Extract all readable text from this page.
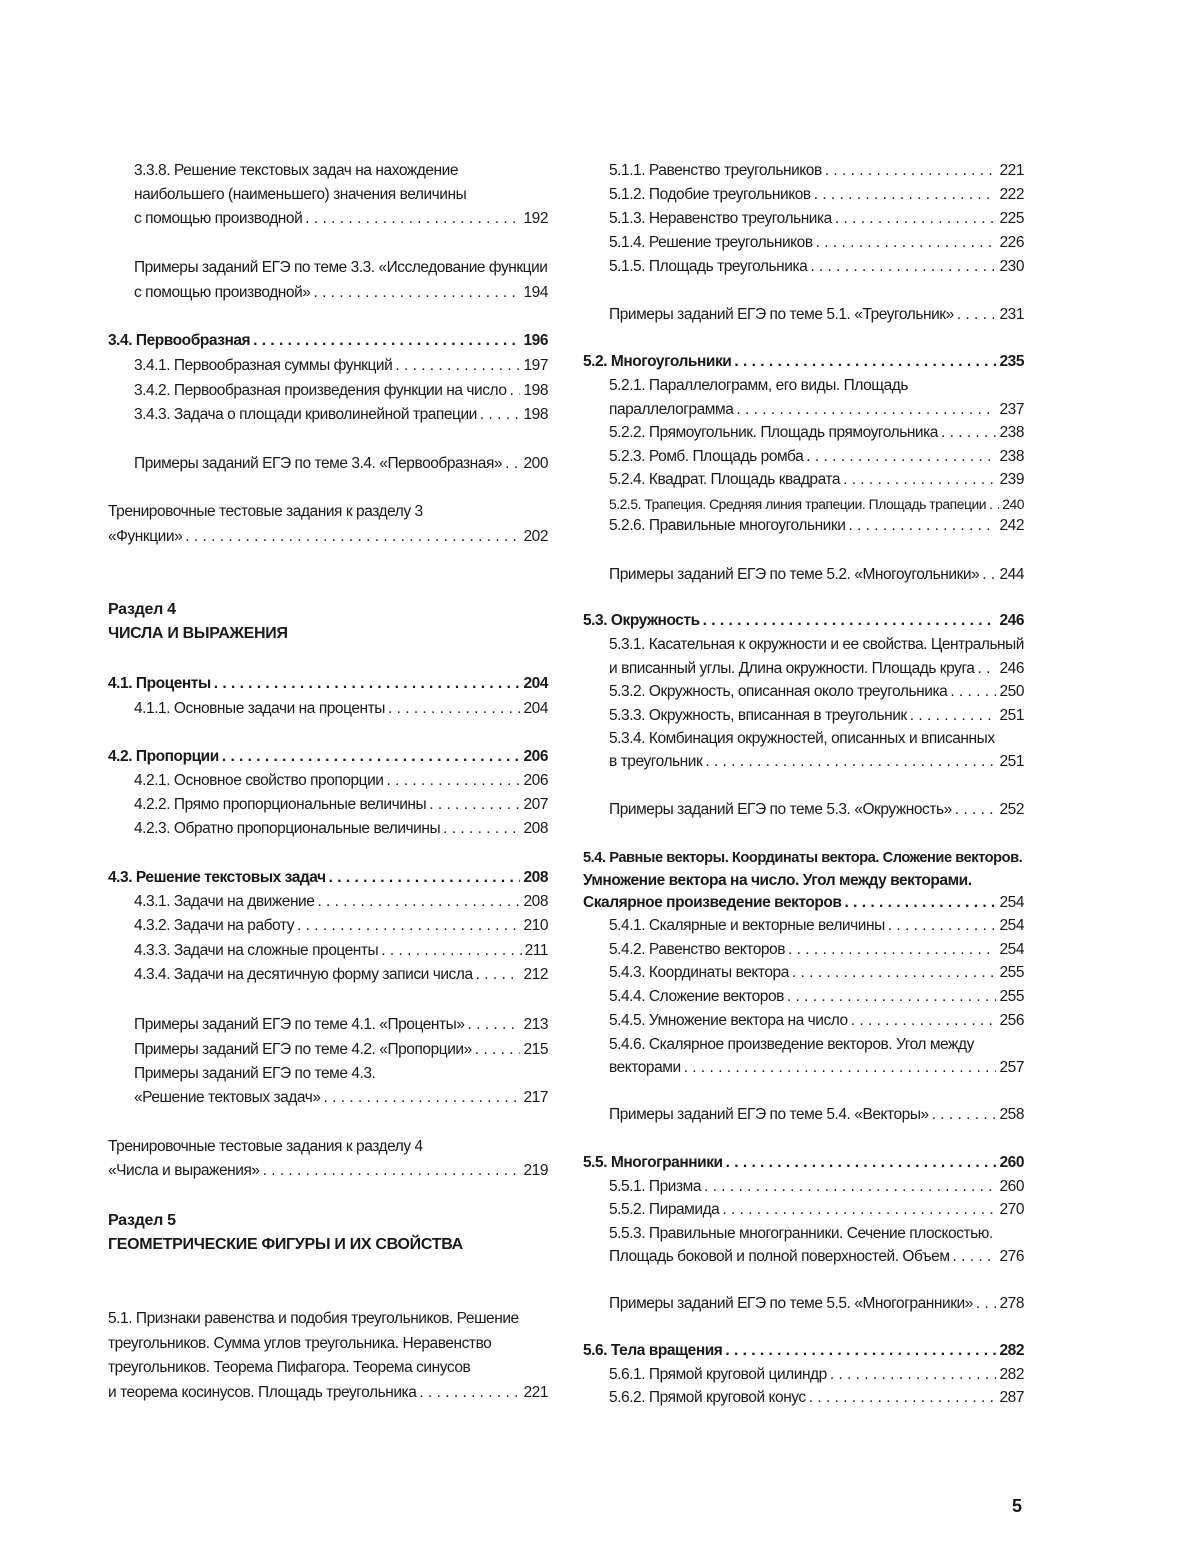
3.3.8. Решение текстовых задач на нахождение
наибольшего (наименьшего) значения величины
с помощью производной . . .	192
Примеры заданий ЕГЭ по теме 3.3. «Исследование функции
с помощью производной» . . .	194
3.4. Первообразная . . .	196
3.4.1. Первообразная суммы функций . . .	197
3.4.2. Первообразная произведения функции на число . . . 198
3.4.3. Задача о площади криволинейной трапеции . . .	198
Примеры заданий ЕГЭ по теме 3.4. «Первообразная» . . . 200
Тренировочные тестовые задания к разделу 3
«Функции» . . .	202
Раздел 4
ЧИСЛА И ВЫРАЖЕНИЯ
4.1. Проценты . . .	204
4.1.1. Основные задачи на проценты . . .	204
4.2. Пропорции . . .	206
4.2.1. Основное свойство пропорции . . .	206
4.2.2. Прямо пропорциональные величины . . .	207
4.2.3. Обратно пропорциональные величины . . .	208
4.3. Решение текстовых задач . . .	208
4.3.1. Задачи на движение . . .	208
4.3.2. Задачи на работу . . .	210
4.3.3. Задачи на сложные проценты . . .	211
4.3.4. Задачи на десятичную форму записи числа . . .	212
Примеры заданий ЕГЭ по теме 4.1. «Проценты» . . .	213
Примеры заданий ЕГЭ по теме 4.2. «Пропорции» . . .	215
Примеры заданий ЕГЭ по теме 4.3.
«Решение тектовых задач» . . .	217
Тренировочные тестовые задания к разделу 4
«Числа и выражения» . . .	219
Раздел 5
ГЕОМЕТРИЧЕСКИЕ ФИГУРЫ И ИХ СВОЙСТВА
5.1. Признаки равенства и подобия треугольников. Решение
треугольников. Сумма углов треугольника. Неравенство
треугольников. Теорема Пифагора. Теорема синусов
и теорема косинусов. Площадь треугольника . . .	221
5.1.1. Равенство треугольников . . .	221
5.1.2. Подобие треугольников . . .	222
5.1.3. Неравенство треугольника . . .	225
5.1.4. Решение треугольников . . .	226
5.1.5. Площадь треугольника . . .	230
Примеры заданий ЕГЭ по теме 5.1. «Треугольник» . . .	231
5.2. Многоугольники . . .	235
5.2.1. Параллелограмм, его виды. Площадь
параллелограмма . . .	237
5.2.2. Прямоугольник. Площадь прямоугольника . . .	238
5.2.3. Ромб. Площадь ромба . . .	238
5.2.4. Квадрат. Площадь квадрата . . .	239
5.2.5. Трапеция. Средняя линия трапеции. Площадь трапеции . . . 240
5.2.6. Правильные многоугольники . . .	242
Примеры заданий ЕГЭ по теме 5.2. «Многоугольники» . . . 244
5.3. Окружность . . .	246
5.3.1. Касательная к окружности и ее свойства. Центральный
и вписанный углы. Длина окружности. Площадь круга . . . 246
5.3.2. Окружность, описанная около треугольника . . .	250
5.3.3. Окружность, вписанная в треугольник . . .	251
5.3.4. Комбинация окружностей, описанных и вписанных
в треугольник . . .	251
Примеры заданий ЕГЭ по теме 5.3. «Окружность» . . .	252
5.4. Равные векторы. Координаты вектора. Сложение векторов.
Умножение вектора на число. Угол между векторами.
Скалярное произведение векторов . . .	254
5.4.1. Скалярные и векторные величины . . .	254
5.4.2. Равенство векторов . . .	254
5.4.3. Координаты вектора . . .	255
5.4.4. Сложение векторов . . .	255
5.4.5. Умножение вектора на число . . .	256
5.4.6. Скалярное произведение векторов. Угол между
векторами . . .	257
Примеры заданий ЕГЭ по теме 5.4. «Векторы» . . .	258
5.5. Многогранники . . .	260
5.5.1. Призма . . .	260
5.5.2. Пирамида . . .	270
5.5.3. Правильные многогранники. Сечение плоскостью.
Площадь боковой и полной поверхностей. Объем . . .	276
Примеры заданий ЕГЭ по теме 5.5. «Многогранники» . . . 278
5.6. Тела вращения . . .	282
5.6.1. Прямой круговой цилиндр . . .	282
5.6.2. Прямой круговой конус . . .	287
5
